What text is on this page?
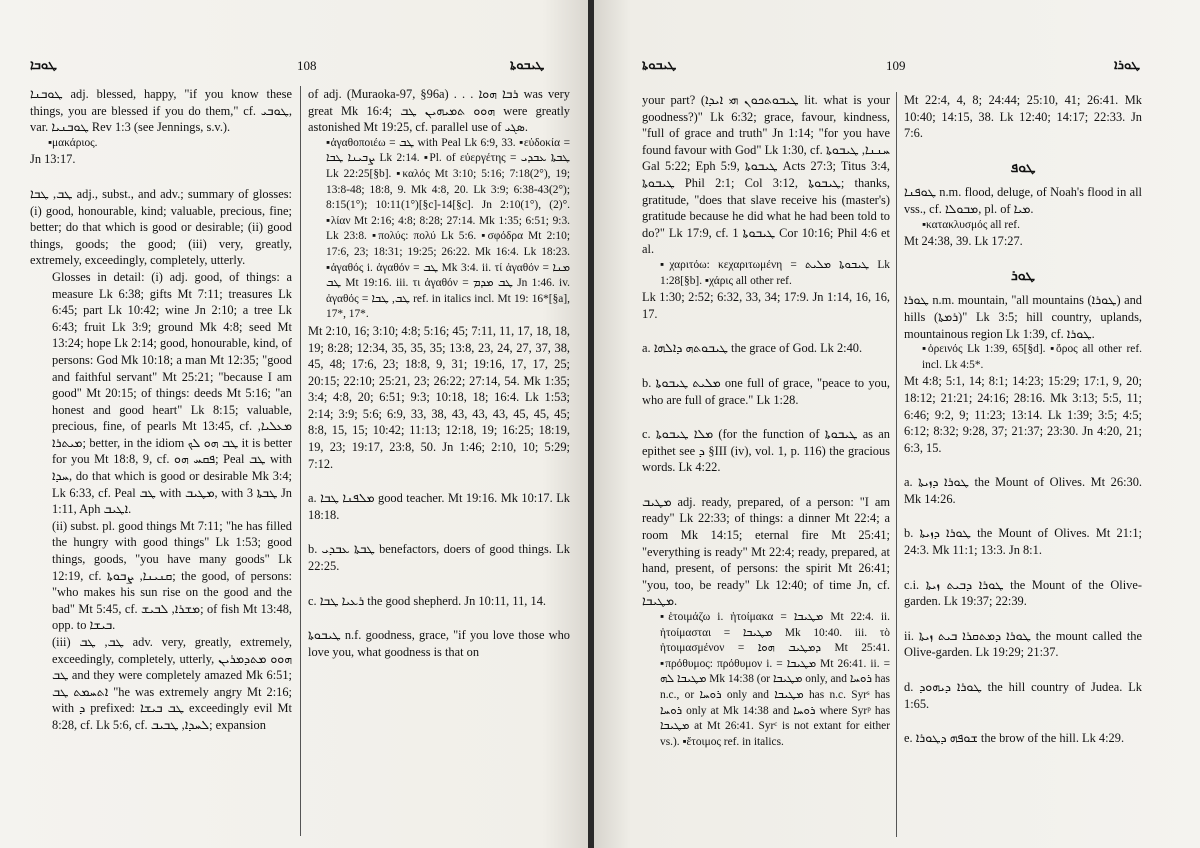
ܛܘܒܐ	108	ܛܝܒܘܬܐ

ܛܘܒܢܐ adj. blessed, happy, "if you know these things, you are blessed if you do them," cf. ܛܘܒܝ, var. ܛܘܒܢܝܐ Rev 1:3 (see Jennings, s.v.).

▪μακάριος.

Jn 13:17.

ܛܒ, ܛܒܐ adj., subst., and adv.; summary of glosses: (i) good, honourable, kind; valuable, precious, fine; better; do that which is good or desirable; (ii) good things, goods; the good; (iii) very, greatly, extremely, exceedingly, completely, utterly.

Glosses in detail: (i) adj. good, of things: a measure Lk 6:38; gifts Mt 7:11; treasures Lk 6:45; part Lk 10:42; wine Jn 2:10; a tree Lk 6:43; fruit Lk 3:9; ground Mk 4:8; seed Mt 13:24; hope Lk 2:14; good, honourable, kind, of persons: God Mk 10:18; a man Mt 12:35; "good and faithful servant" Mt 25:21; "because I am good" Mt 20:15; of things: deeds Mt 5:16; "an honest and good heart" Lk 8:15; valuable, precious, fine, of pearls Mt 13:45, cf. ܡܥܠܝܐ, ܡܝܬܪܐ; better, in the idiom ܛܒ ܗܘ ܠܟ it is better for you Mt 18:8, 9, cf. ܦܩܚ ܗܘ; Peal ܛܒ with ܚܕܐ, do that which is good or desirable Mk 3:4; Lk 6:33, cf. Peal ܛܒ with ܡܛܝܒ, with ܛܒܬܐ 3 Jn 1:11, Aph ܐܛܝܒ.

(ii) subst. pl. good things Mt 7:11; "he has filled the hungry with good things" Lk 1:53; good things, goods, "you have many goods" Lk 12:19, cf. ܩܢܝܢܐ, ܨܒܘܬܐ; the good, of persons: "who makes his sun rise on the good and the bad" Mt 5:45, cf. ܡܫܪܐ, ܠܒܝܫ; of fish Mt 13:48, opp. to ܒܝܫܐ.

(iii) ܛܒ, ܛܒ adv. very, greatly, extremely, exceedingly, completely, utterly, ܗܘܘ ܡܬܕܡܪܝܢ ܛܒ and they were completely amazed Mk 6:51; ܐܬܚܡܬ ܛܒ "he was extremely angry Mt 2:16; with ܕ prefixed: ܛܒ ܒܝܫܐ exceedingly evil Mt 8:28, cf. Lk 5:6, cf. ܠܚܕܐ, ܛܒܝܒ; expansion

of adj. (Muraoka-97, §96a) . . . ܪܒܐ ܗܘܐ was very great Mk 16:4; ܗܘܘ ܬܡܝܗܝܢ ܛܒ were greatly astonished Mt 19:25, cf. parallel use of ܣܓܝ.

▪ἀγαθοποιέω = ܛܒ with Peal Lk 6:9, 33. ▪εὐδοκία = ܨܒܝܢܐ ܛܒܐ Lk 2:14. ▪Pl. of εὐεργέτης = ܛܒܬܐ ܥܒܕܝ Lk 22:25[§b]. ▪καλός Mt 3:10; 5:16; 7:18(2°), 19; 13:8-48; 18:8, 9. Mk 4:8, 20. Lk 3:9; 6:38-43(2°); 8:15(1°); 10:11(1°)[§c]-14[§c]. Jn 2:10(1°), (2)°. ▪λίαν Mt 2:16; 4:8; 8:28; 27:14. Mk 1:35; 6:51; 9:3. Lk 23:8. ▪πολύς: πολύ Lk 5:6. ▪σφόδρα Mt 2:10; 17:6, 23; 18:31; 19:25; 26:22. Mk 16:4. Lk 18:23. ▪ἀγαθός i. ἀγαθόν = ܛܒ Mk 3:4. ii. τί ἀγαθόν = ܡܢܐ ܛܒ Mt 19:16. iii. τι ἀγαθόν = ܛܒ ܡܕܡ Jn 1:46. iv. ἀγαθός = ܛܒ, ܛܒܐ ref. in italics incl. Mt 19: 16*[§a], 17*, 17*.

Mt 2:10, 16; 3:10; 4:8; 5:16; 45; 7:11, 11, 17, 18, 18, 19; 8:28; 12:34, 35, 35, 35; 13:8, 23, 24, 27, 37, 38, 45, 48; 17:6, 23; 18:8, 9, 31; 19:16, 17, 17, 25; 20:15; 22:10; 25:21, 23; 26:22; 27:14, 54. Mk 1:35; 3:4; 4:8, 20; 6:51; 9:3; 10:18, 18; 16:4. Lk 1:53; 2:14; 3:9; 5:6; 6:9, 33, 38, 43, 43, 43, 45, 45, 45; 8:8, 15, 15; 10:42; 11:13; 12:18, 19; 16:25; 18:19, 19, 23; 19:17, 23:8, 50. Jn 1:46; 2:10, 10; 5:29; 7:12.

a. ܡܠܦܢܐ ܛܒܐ good teacher. Mt 19:16. Mk 10:17. Lk 18:18.

b. ܛܒܬܐ ܥܒܕܝ benefactors, doers of good things. Lk 22:25.

c. ܪܥܝܐ ܛܒܐ the good shepherd. Jn 10:11, 11, 14.

ܛܝܒܘܬܐ n.f. goodness, grace, "if you love those who love you, what goodness is that on

ܛܝܒܘܬܐ	109	ܛܘܪܐ

your part? (ܛܝܒܘܬܟܘܢ ܗܝ ܐܝܕܐ lit. what is your goodness?)" Lk 6:32; grace, favour, kindness, "full of grace and truth" Jn 1:14; "for you have found favour with God" Lk 1:30, cf. ܚܢܢܐ, ܛܝܒܘܬܐ Gal 5:22; Eph 5:9, ܛܝܒܘܬܐ Acts 27:3; Titus 3:4, ܛܝܒܘܬܐ Phil 2:1; Col 3:12, ܛܝܒܘܬܐ; thanks, gratitude, "does that slave receive his (master's) gratitude because he did what he had been told to do?" Lk 17:9, cf. ܛܝܒܘܬܐ 1 Cor 10:16; Phil 4:6 et al.

▪χαριτόω: κεχαριτωμένη = ܛܝܒܘܬܐ ܡܠܝܬ Lk 1:28[§b]. ▪χάρις all other ref.

Lk 1:30; 2:52; 6:32, 33, 34; 17:9. Jn 1:14, 16, 16, 17.

a. ܛܝܒܘܬܗ ܕܐܠܗܐ the grace of God. Lk 2:40.

b. ܡܠܝܬ ܛܝܒܘܬܐ one full of grace, "peace to you, who are full of grace." Lk 1:28.

c. ܡܠܐ ܛܝܒܘܬܐ (for the function of ܛܝܒܘܬܐ as an epithet see ܕ §III (iv), vol. 1, p. 116) the gracious words. Lk 4:22.

ܡܛܝܒ adj. ready, prepared, of a person: "I am ready" Lk 22:33; of things: a dinner Mt 22:4; a room Mk 14:15; eternal fire Mt 25:41; "everything is ready" Mt 22:4; ready, prepared, at hand, present, of persons: the spirit Mt 26:41; "you, too, be ready" Lk 12:40; of time Jn, cf. ܡܛܝܒܐ.

▪ἑτοιμάζω i. ἡτοίμακα = ܡܛܝܒܐ Mt 22:4. ii. ἡτοίμασται = ܡܛܝܒܐ Mk 10:40. iii. τὸ ἡτοιμασμένον = ܕܡܛܝܒ ܗܘܐ Mt 25:41. ▪πρόθυμος: πρόθυμον i. = ܡܛܝܒܐ Mt 26:41. ii. = ܡܛܝܒܐ ܠܗ Mk 14:38 (or ܡܛܝܒܐ only, and ܪܘܚܐ has n.c., or ܪܘܚܐ only and ܡܛܝܒܐ has n.c. Syrˢ has ܪܘܚܐ only at Mk 14:38 and ܪܘܚܐ where Syrᵖ has ܡܛܝܒܐ at Mt 26:41. Syrᶜ is not extant for either vs.). ▪ἕτοιμος ref. in italics.

Mt 22:4, 4, 8; 24:44; 25:10, 41; 26:41. Mk 10:40; 14:15, 38. Lk 12:40; 14:17; 22:33. Jn 7:6.

ܛܘܦ

ܛܘܦܢܐ n.m. flood, deluge, of Noah's flood in all vss., cf. ܡܒܘܠܐ, pl. of ܡܝܐ.

▪κατακλυσμός all ref.

Mt 24:38, 39. Lk 17:27.

ܛܘܪ

ܛܘܪܐ n.m. mountain, "all mountains (ܛܘܪܐ) and hills (ܪܡܬܐ)" Lk 3:5; hill country, uplands, mountainous region Lk 1:39, cf. ܛܘܪܐ.

▪ὀρεινός Lk 1:39, 65[§d]. ▪ὄρος all other ref. incl. Lk 4:5*.

Mt 4:8; 5:1, 14; 8:1; 14:23; 15:29; 17:1, 9, 20; 18:12; 21:21; 24:16; 28:16. Mk 3:13; 5:5, 11; 6:46; 9:2, 9; 11:23; 13:14. Lk 1:39; 3:5; 4:5; 6:12; 8:32; 9:28, 37; 21:37; 23:30. Jn 4:20, 21; 6:3, 15.

a. ܛܘܪܐ ܕܙܝܬܐ the Mount of Olives. Mt 26:30. Mk 14:26.

b. ܛܘܪܐ ܕܙܝܬܐ the Mount of Olives. Mt 21:1; 24:3. Mk 11:1; 13:3. Jn 8:1.

c.i. ܛܘܪܐ ܕܒܝܬ ܙܝܬܐ the Mount of the Olive-garden. Lk 19:37; 22:39.

ii. ܛܘܪܐ ܕܡܬܩܪܐ ܒܝܬ ܙܝܬܐ the mount called the Olive-garden. Lk 19:29; 21:37.

d. ܛܘܪܐ ܕܝܗܘܕ the hill country of Judea. Lk 1:65.

e. ܫܘܦܗ ܕܛܘܪܐ the brow of the hill. Lk 4:29.
